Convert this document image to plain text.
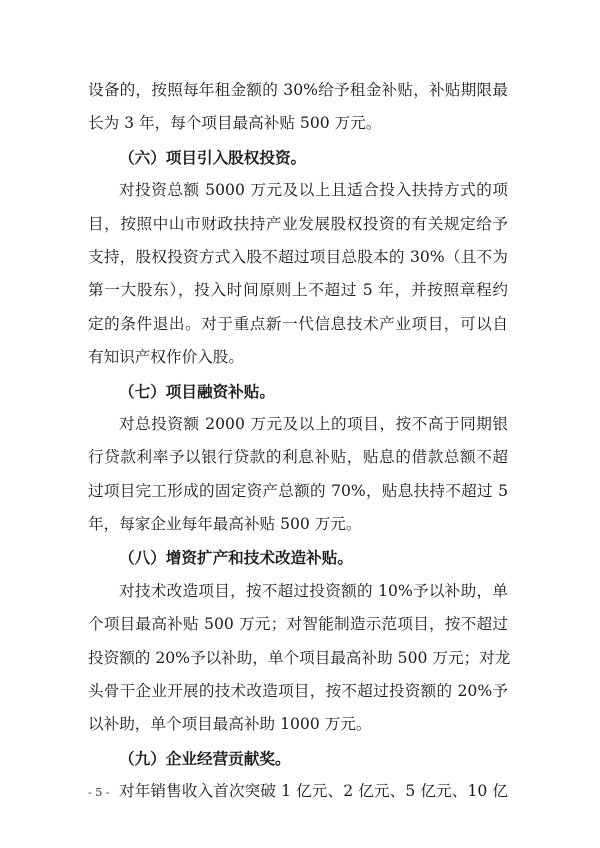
设备的，按照每年租金额的 30%给予租金补贴，补贴期限最
长为 3 年，每个项目最高补贴 500 万元。
（六）项目引入股权投资。
对投资总额 5000 万元及以上且适合投入扶持方式的项
目，按照中山市财政扶持产业发展股权投资的有关规定给予
支持，股权投资方式入股不超过项目总股本的 30%（且不为
第一大股东），投入时间原则上不超过 5 年，并按照章程约
定的条件退出。对于重点新一代信息技术产业项目，可以自
有知识产权作价入股。
（七）项目融资补贴。
对总投资额 2000 万元及以上的项目，按不高于同期银
行贷款利率予以银行贷款的利息补贴，贴息的借款总额不超
过项目完工形成的固定资产总额的 70%，贴息扶持不超过 5
年，每家企业每年最高补贴 500 万元。
（八）增资扩产和技术改造补贴。
对技术改造项目，按不超过投资额的 10%予以补助，单
个项目最高补贴 500 万元；对智能制造示范项目，按不超过
投资额的 20%予以补助，单个项目最高补助 500 万元；对龙
头骨干企业开展的技术改造项目，按不超过投资额的 20%予
以补助，单个项目最高补助 1000 万元。
（九）企业经营贡献奖。
对年销售收入首次突破 1 亿元、2 亿元、5 亿元、10 亿
- 5 -
